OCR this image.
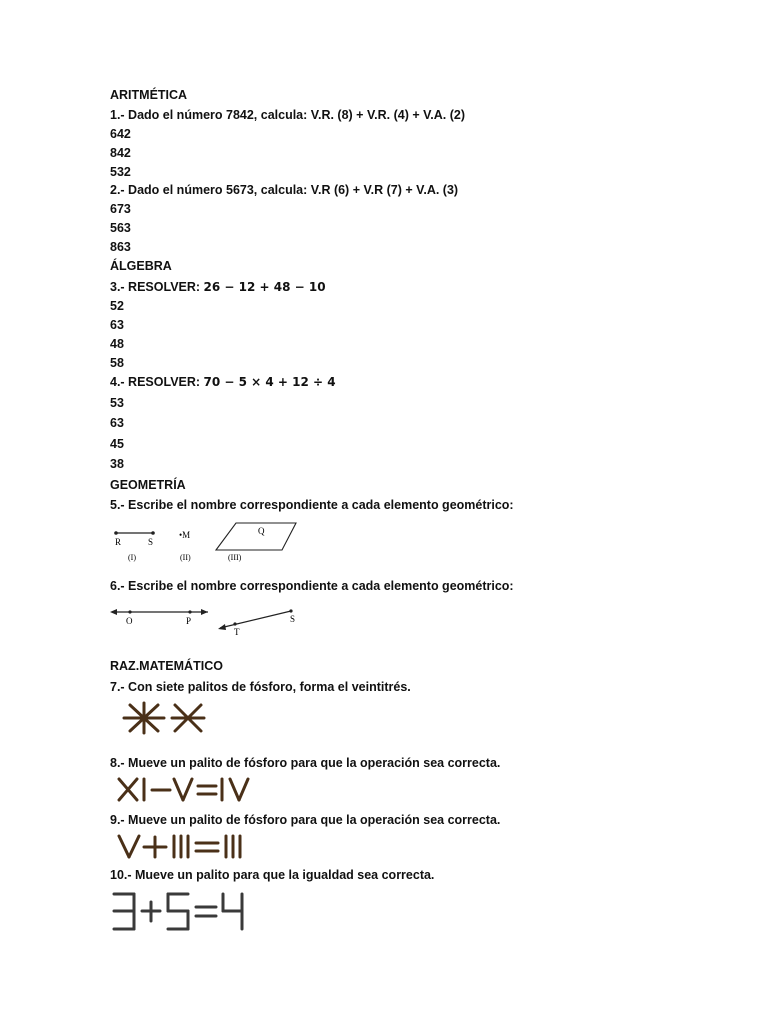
ARITMÉTICA
1.- Dado el número 7842, calcula: V.R. (8) + V.R. (4) + V.A. (2)
642
842
532
2.- Dado el número 5673, calcula: V.R (6) + V.R (7) + V.A. (3)
673
563
863
ÁLGEBRA
3.- RESOLVER: 26 − 12 + 48 − 10
52
63
48
58
4.- RESOLVER: 70 − 5 × 4 + 12 ÷ 4
53
63
45
38
GEOMETRÍA
5.- Escribe el nombre correspondiente a cada elemento geométrico:
R	S
(I)
•M
(II)
Q
(III)
6.- Escribe el nombre correspondiente a cada elemento geométrico:
O	P
T
S
RAZ.MATEMÁTICO
7.- Con siete palitos de fósforo, forma el veintitrés.
8.- Mueve un palito de fósforo para que la operación sea correcta.
9.- Mueve un palito de fósforo para que la operación sea correcta.
10.- Mueve un palito para que la igualdad sea correcta.
